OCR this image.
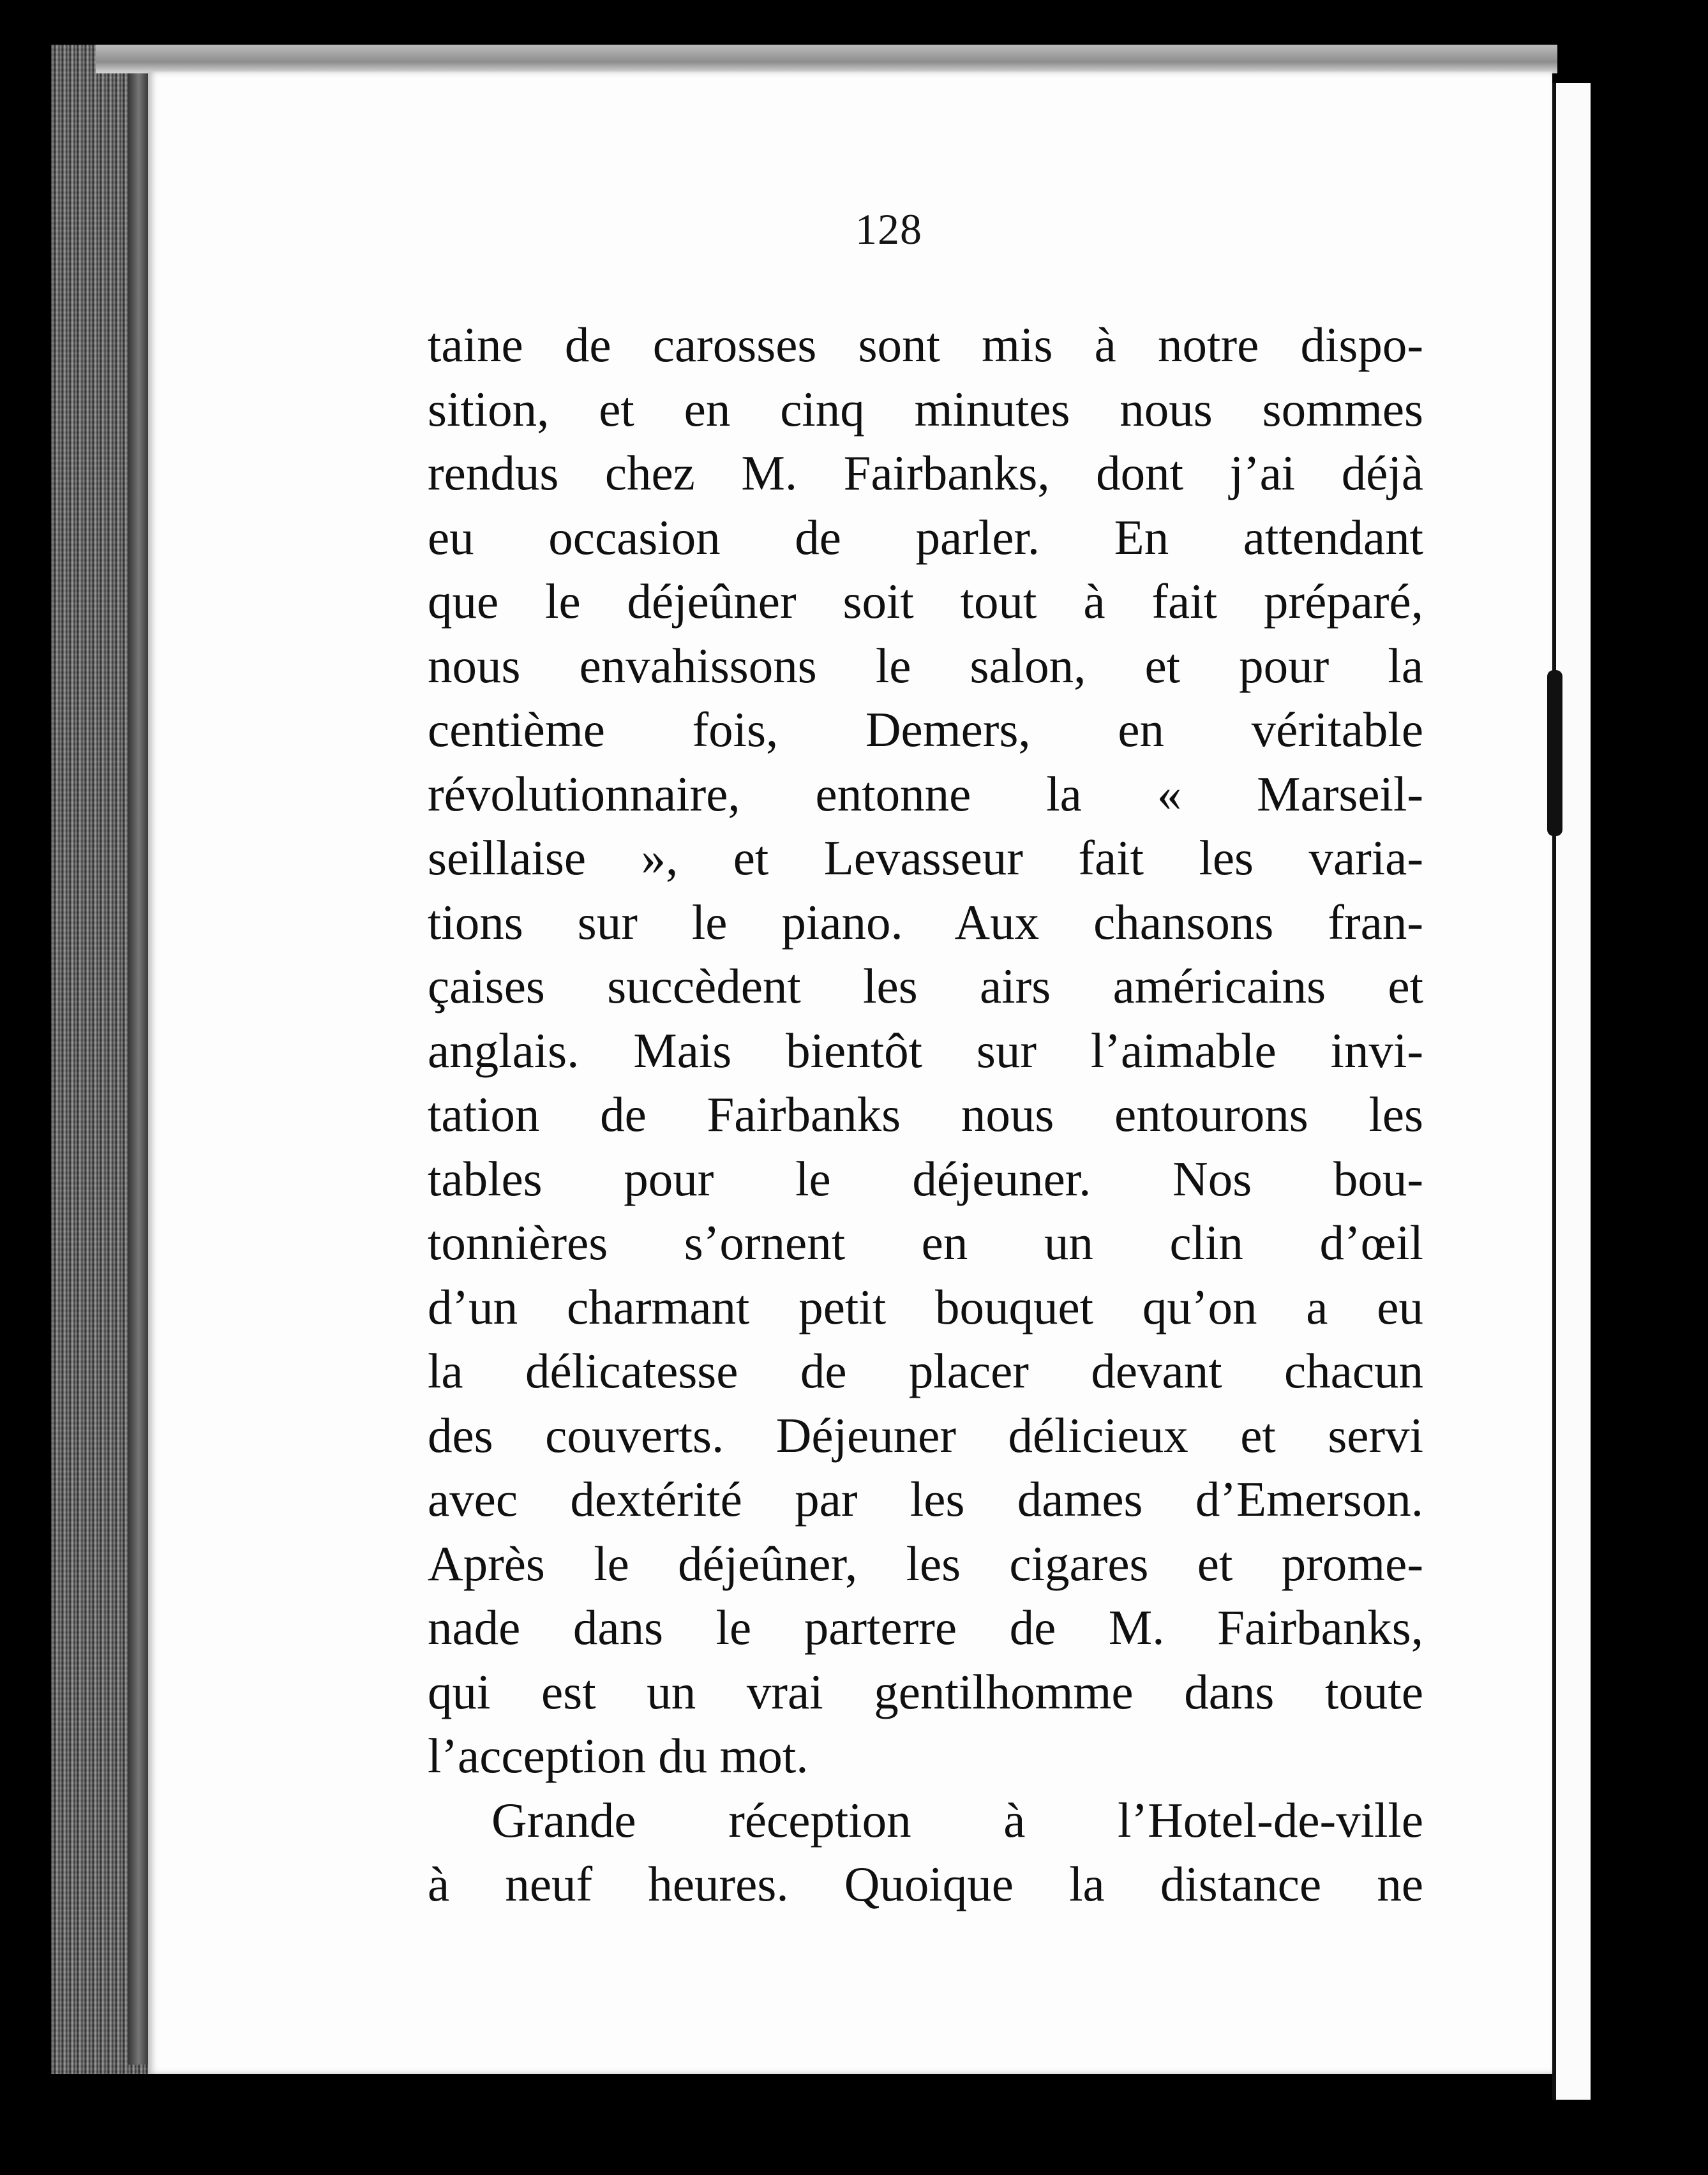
128
taine de carosses sont mis à notre dispo-
sition, et en cinq minutes nous sommes
rendus chez M. Fairbanks, dont j’ai déjà
eu occasion de parler. En attendant
que le déjeûner soit tout à fait préparé,
nous envahissons le salon, et pour la
centième fois, Demers, en véritable
révolutionnaire, entonne la « Marseil-
seillaise », et Levasseur fait les varia-
tions sur le piano. Aux chansons fran-
çaises succèdent les airs américains et
anglais. Mais bientôt sur l’aimable invi-
tation de Fairbanks nous entourons les
tables pour le déjeuner. Nos bou-
tonnières s’ornent en un clin d’œil
d’un charmant petit bouquet qu’on a eu
la délicatesse de placer devant chacun
des couverts. Déjeuner délicieux et servi
avec dextérité par les dames d’Emerson.
Après le déjeûner, les cigares et prome-
nade dans le parterre de M. Fairbanks,
qui est un vrai gentilhomme dans toute
l’acception du mot.
Grande réception à l’Hotel-de-ville
à neuf heures. Quoique la distance ne
